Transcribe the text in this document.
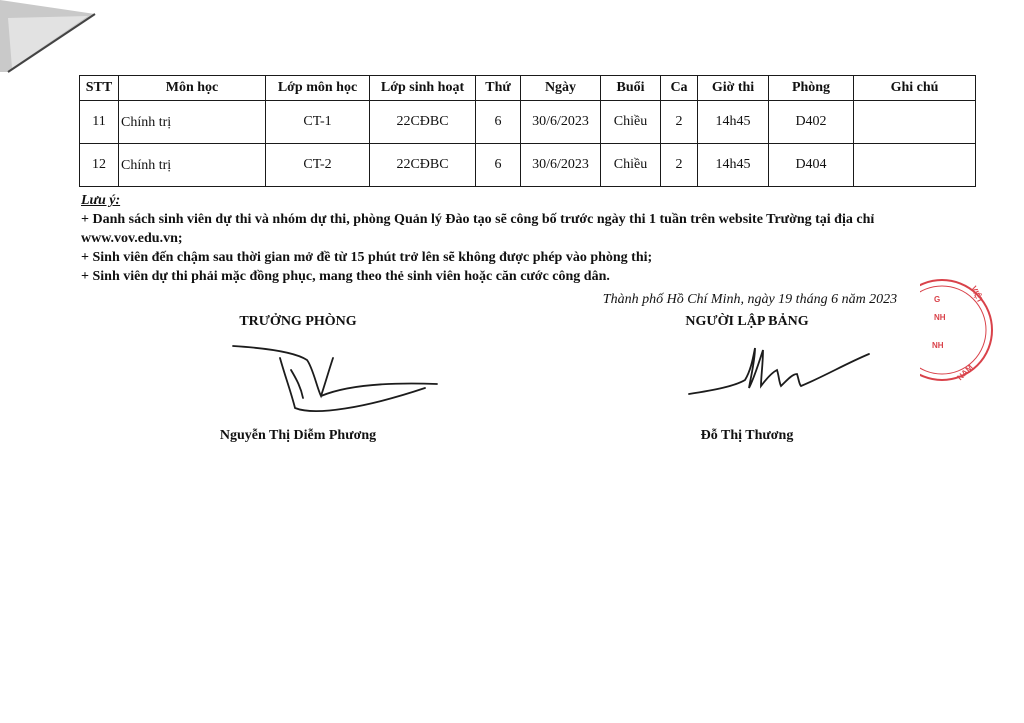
STT	Môn học	Lớp môn học	Lớp sinh hoạt	Thứ	Ngày	Buổi	Ca	Giờ thi	Phòng	Ghi chú
11	Chính trị	CT-1	22CĐBC	6	30/6/2023	Chiều	2	14h45	D402	
12	Chính trị	CT-2	22CĐBC	6	30/6/2023	Chiều	2	14h45	D404	

Lưu ý:

+ Danh sách sinh viên dự thi và nhóm dự thi, phòng Quản lý Đào tạo sẽ công bố trước ngày thi 1 tuần trên website Trường tại địa chỉ www.vov.edu.vn;

+ Sinh viên đến chậm sau thời gian mở đề từ 15 phút trở lên sẽ không được phép vào phòng thi;

+ Sinh viên dự thi phải mặc đồng phục, mang theo thẻ sinh viên hoặc căn cước công dân.

Thành phố Hồ Chí Minh, ngày 19 tháng 6 năm 2023
TRƯỞNG PHÒNG
Nguyễn Thị Diễm Phương
NGƯỜI LẬP BẢNG
Đỗ Thị Thương
G	VIỆT
NH
NH
NAM
